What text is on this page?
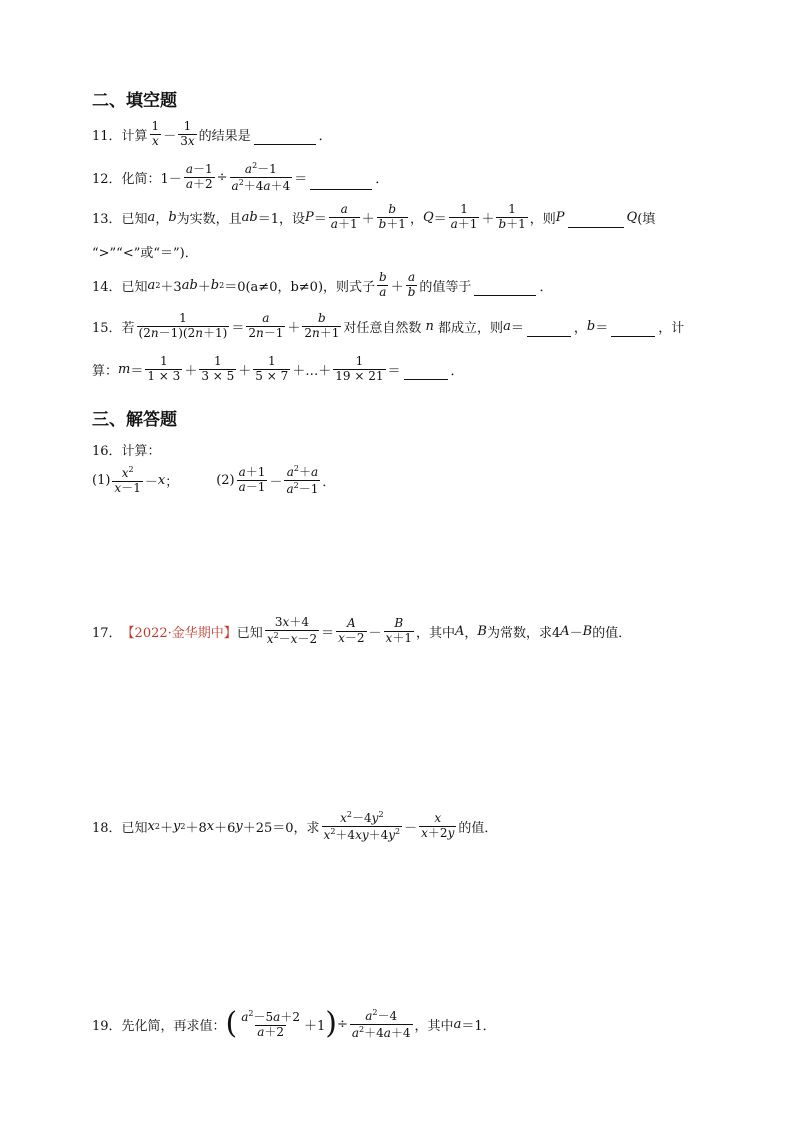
二、填空题
11．计算 $\frac{1}{x} - \frac{1}{3x}$ 的结果是	．
12．化简：$1- \frac{a-1}{a+2} \div \frac{a^2-1}{a^2+4a+4}$ ＝	．
13．已知 a ， b 为实数，且 ab ＝1，设 $P = \frac{a}{a+1} + \frac{b}{b+1}$ ， $Q = \frac{1}{a+1} + \frac{1}{b+1}$ ，则 P	Q (填
“>”“<”或“＝”)．
14．已知 a 2 ＋3 ab ＋ b 2 ＝0 (a≠0，b≠0)，则式子 $\frac{b}{a} + \frac{a}{b}$ 的值等于	．
15．若 $\frac{1}{(2n-1)(2n+1)} = \frac{a}{2n-1} + \frac{b}{2n+1}$ 对任意自然数
n
都成立，则 a ＝	， b ＝	，计
算： $m = \frac{1}{1 \times 3} + \frac{1}{3 \times 5} + \frac{1}{5 \times 7}$ ＋…＋ $\frac{1}{19 \times 21}$ ＝	．
三、解答题
16．计算：
$(1) \frac{x^2}{x-1} - x$ ；	$(2) \frac{a+1}{a-1} - \frac{a^2+a}{a^2-1}$ ．
17． 【2022·金华期中】 已知 $\frac{3x+4}{x^2-x-2} = \frac{A}{x-2} - \frac{B}{x+1}$ ，其中 A ， B 为常数，求4 A － B 的值．
18．已知 x 2 ＋ y 2 ＋8 x ＋6 y ＋25 ＝0，求 $\frac{x^2-4y^2}{x^2+4xy+4y^2} - \frac{x}{x+2y}$ 的值．
19．先化简，再求值： ( $\frac{a^2-5a+2}{a+2} +1$ ) ÷ $\frac{a^2-4}{a^2+4a+4}$ ，其中 a ＝1．
